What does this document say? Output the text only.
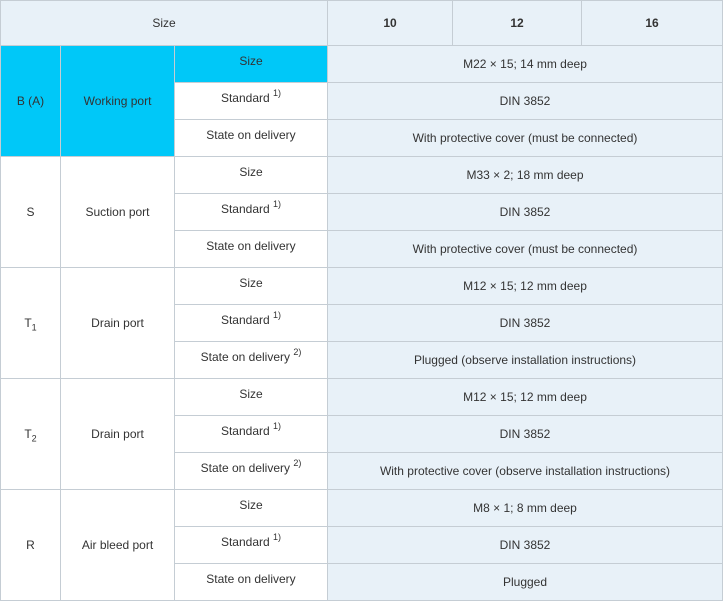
Size			10	12	16
B (A)	Working port	Size	M22 × 15; 14 mm deep		
		Standard $^{1)}$	DIN 3852		
		State on delivery	With protective cover (must be connected)		
S	Suction port	Size	M33 × 2; 18 mm deep		
		Standard $^{1)}$	DIN 3852		
		State on delivery	With protective cover (must be connected)		
$T_1$	Drain port	Size	M12 × 15; 12 mm deep		
		Standard $^{1)}$	DIN 3852		
		State on delivery $^{2)}$	Plugged (observe installation instructions)		
$T_2$	Drain port	Size	M12 × 15; 12 mm deep		
		Standard $^{1)}$	DIN 3852		
		State on delivery $^{2)}$	With protective cover (observe installation instructions)		
R	Air bleed port	Size	M8 × 1; 8 mm deep		
		Standard $^{1)}$	DIN 3852		
		State on delivery	Plugged		
